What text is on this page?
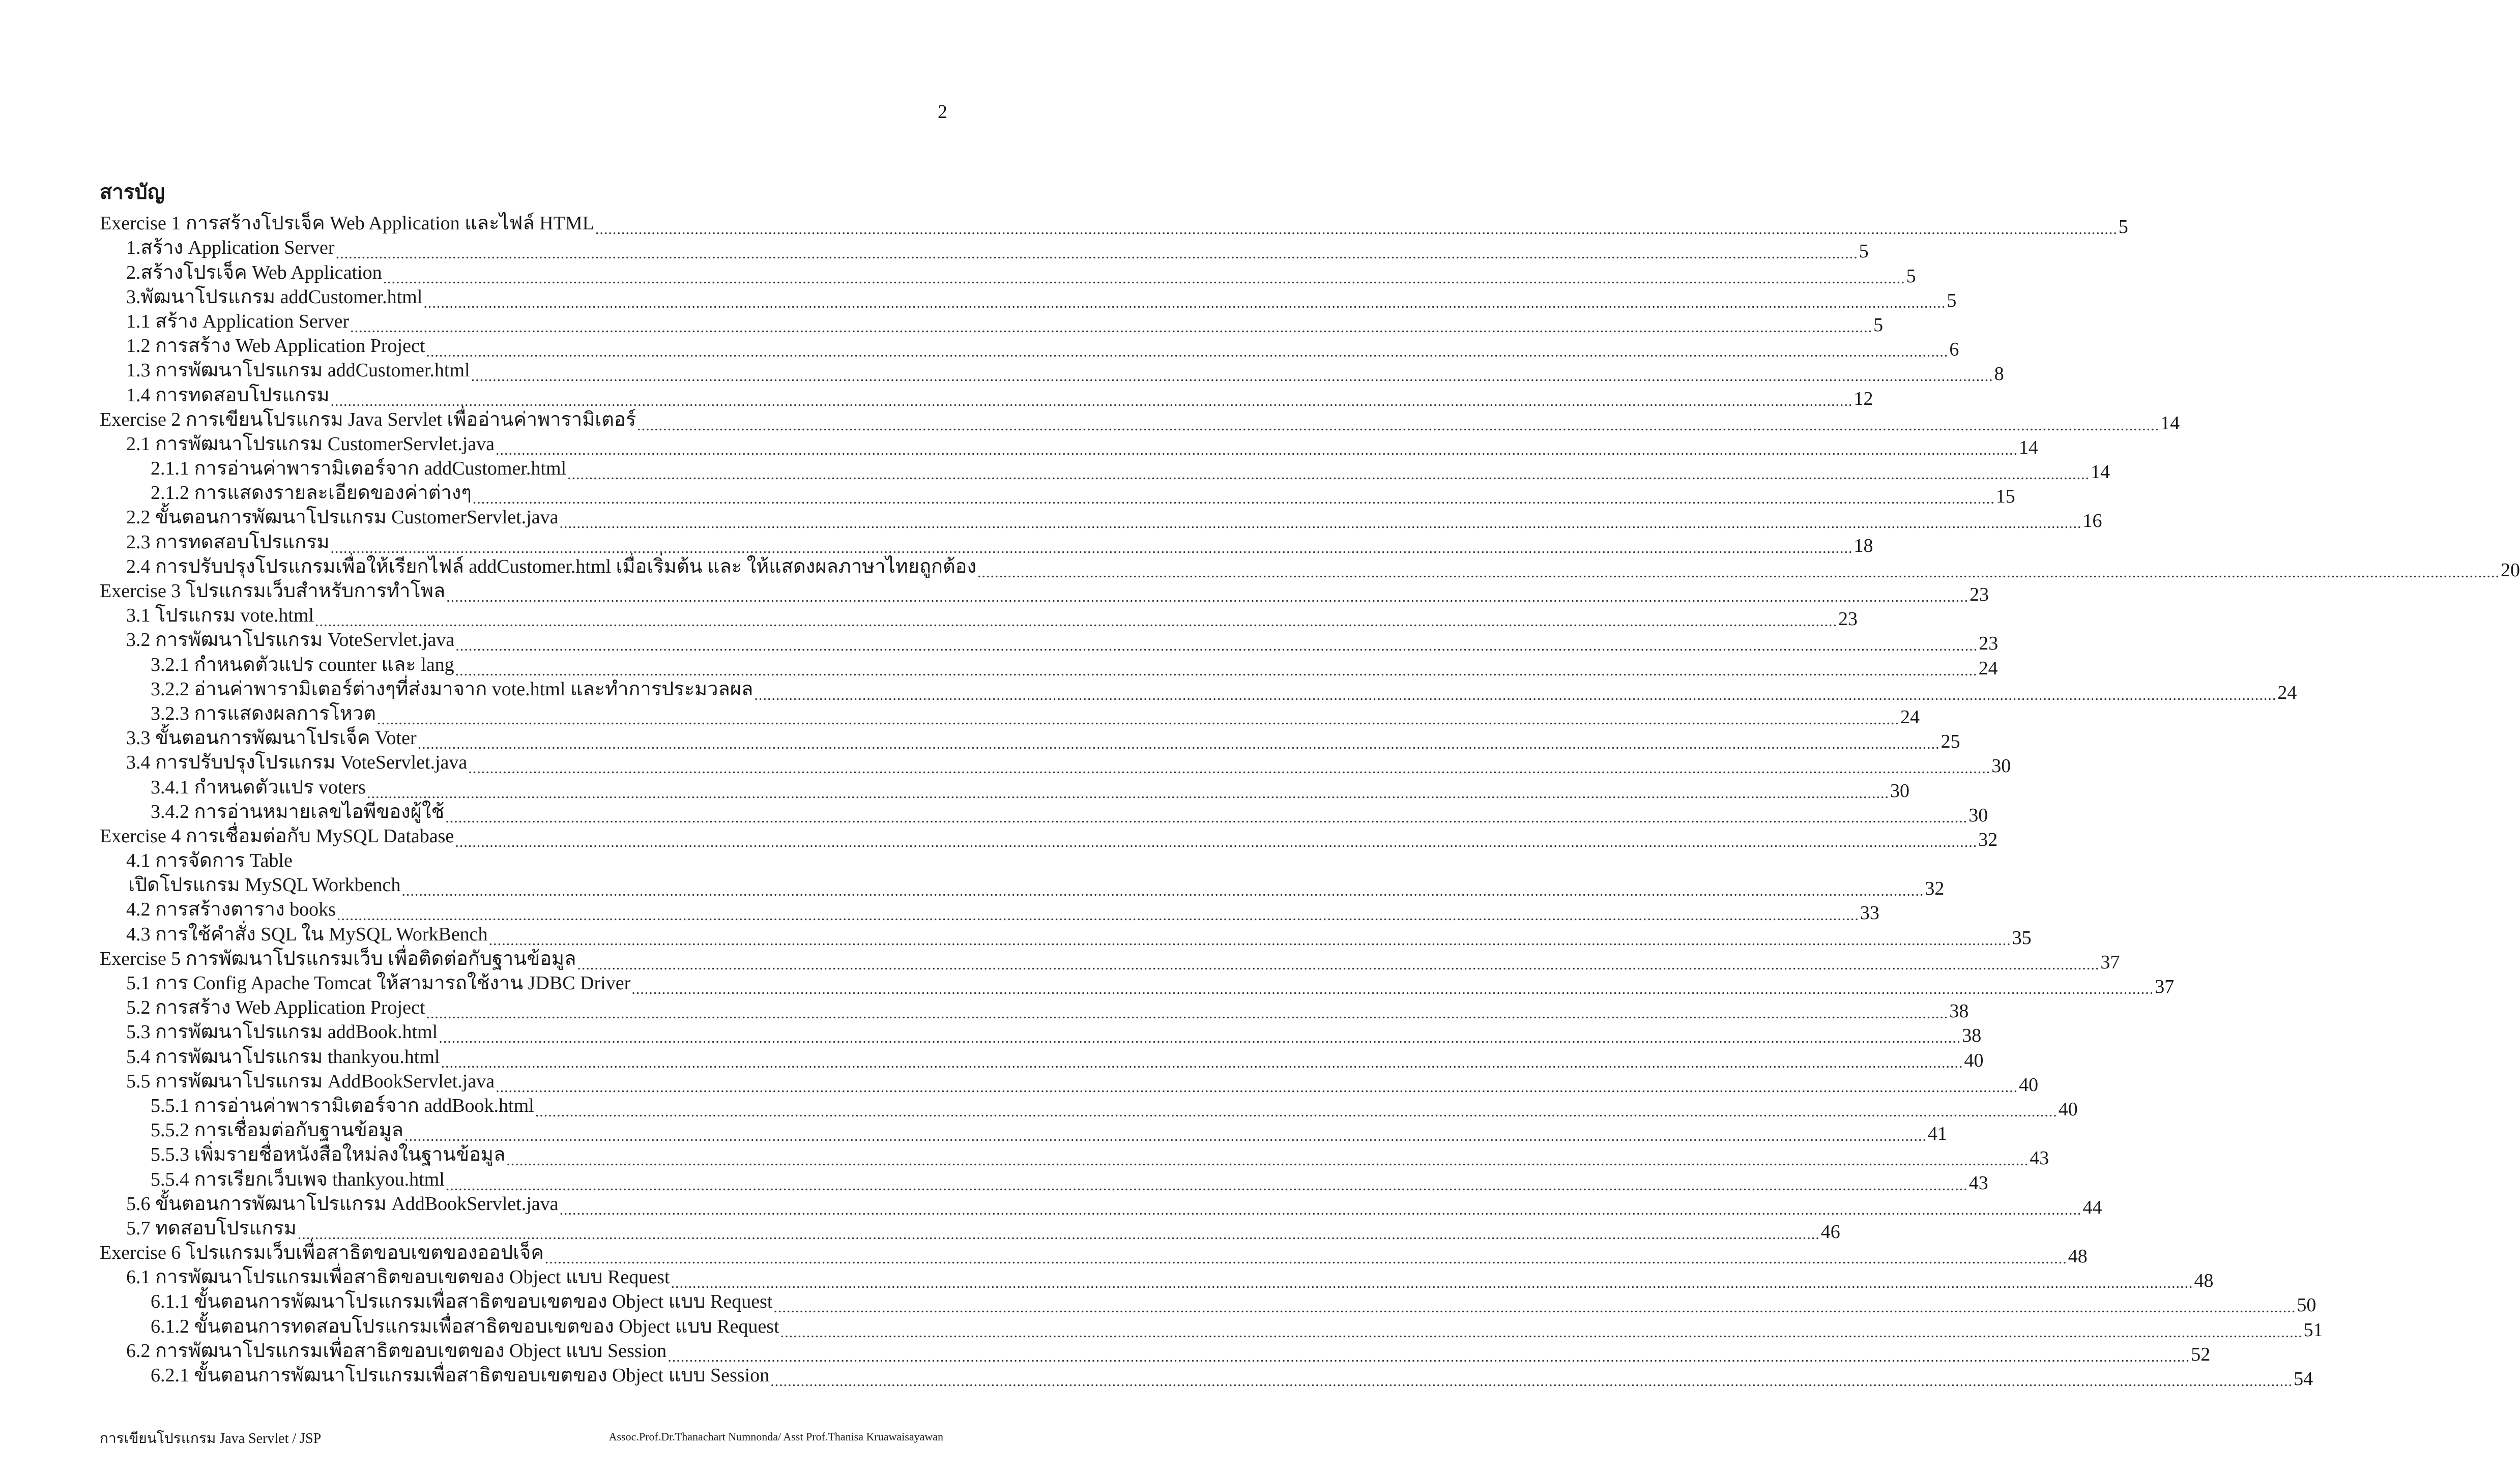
2
สารบัญ
Exercise 1 การสร้างโปรเจ็ค Web Application และไฟล์ HTML .....	5
1.สร้าง Application Server .....	5
2.สร้างโปรเจ็ค Web Application .....	5
3.พัฒนาโปรแกรม addCustomer.html .....	5
1.1 สร้าง Application Server .....	5
1.2 การสร้าง Web Application Project .....	6
1.3 การพัฒนาโปรแกรม addCustomer.html .....	8
1.4 การทดสอบโปรแกรม .....	12
Exercise 2 การเขียนโปรแกรม Java Servlet เพื่ออ่านค่าพารามิเตอร์ .....	14
2.1 การพัฒนาโปรแกรม CustomerServlet.java .....	14
2.1.1 การอ่านค่าพารามิเตอร์จาก addCustomer.html .....	14
2.1.2 การแสดงรายละเอียดของค่าต่างๆ .....	15
2.2 ขั้นตอนการพัฒนาโปรแกรม CustomerServlet.java .....	16
2.3 การทดสอบโปรแกรม .....	18
2.4 การปรับปรุงโปรแกรมเพื่อให้เรียกไฟล์ addCustomer.html เมื่อเริ่มต้น และ ให้แสดงผลภาษาไทยถูกต้อง .....	20
Exercise 3 โปรแกรมเว็บสำหรับการทำโพล .....	23
3.1 โปรแกรม vote.html .....	23
3.2 การพัฒนาโปรแกรม VoteServlet.java .....	23
3.2.1 กำหนดตัวแปร counter และ lang .....	24
3.2.2 อ่านค่าพารามิเตอร์ต่างๆที่ส่งมาจาก vote.html และทำการประมวลผล .....	24
3.2.3 การแสดงผลการโหวต .....	24
3.3 ขั้นตอนการพัฒนาโปรเจ็ค Voter .....	25
3.4 การปรับปรุงโปรแกรม VoteServlet.java .....	30
3.4.1 กำหนดตัวแปร voters .....	30
3.4.2 การอ่านหมายเลขไอพีของผู้ใช้ .....	30
Exercise 4 การเชื่อมต่อกับ MySQL Database .....	32
4.1 การจัดการ Table
เปิดโปรแกรม MySQL Workbench .....	32
4.2 การสร้างตาราง books .....	33
4.3 การใช้คำสั่ง SQL ใน MySQL WorkBench .....	35
Exercise 5 การพัฒนาโปรแกรมเว็บ เพื่อติดต่อกับฐานข้อมูล .....	37
5.1 การ Config Apache Tomcat ให้สามารถใช้งาน JDBC Driver .....	37
5.2 การสร้าง Web Application Project .....	38
5.3 การพัฒนาโปรแกรม addBook.html .....	38
5.4 การพัฒนาโปรแกรม thankyou.html .....	40
5.5 การพัฒนาโปรแกรม AddBookServlet.java .....	40
5.5.1 การอ่านค่าพารามิเตอร์จาก addBook.html .....	40
5.5.2 การเชื่อมต่อกับฐานข้อมูล .....	41
5.5.3 เพิ่มรายชื่อหนังสือใหม่ลงในฐานข้อมูล .....	43
5.5.4 การเรียกเว็บเพจ thankyou.html .....	43
5.6 ขั้นตอนการพัฒนาโปรแกรม AddBookServlet.java .....	44
5.7 ทดสอบโปรแกรม .....	46
Exercise 6 โปรแกรมเว็บเพื่อสาธิตขอบเขตของออปเจ็ค .....	48
6.1 การพัฒนาโปรแกรมเพื่อสาธิตขอบเขตของ Object แบบ Request .....	48
6.1.1 ขั้นตอนการพัฒนาโปรแกรมเพื่อสาธิตขอบเขตของ Object แบบ Request .....	50
6.1.2 ขั้นตอนการทดสอบโปรแกรมเพื่อสาธิตขอบเขตของ Object แบบ Request .....	51
6.2 การพัฒนาโปรแกรมเพื่อสาธิตขอบเขตของ Object แบบ Session .....	52
6.2.1 ขั้นตอนการพัฒนาโปรแกรมเพื่อสาธิตขอบเขตของ Object แบบ Session .....	54
การเขียนโปรแกรม Java Servlet / JSP	Assoc.Prof.Dr.Thanachart Numnonda/ Asst Prof.Thanisa Kruawaisayawan
